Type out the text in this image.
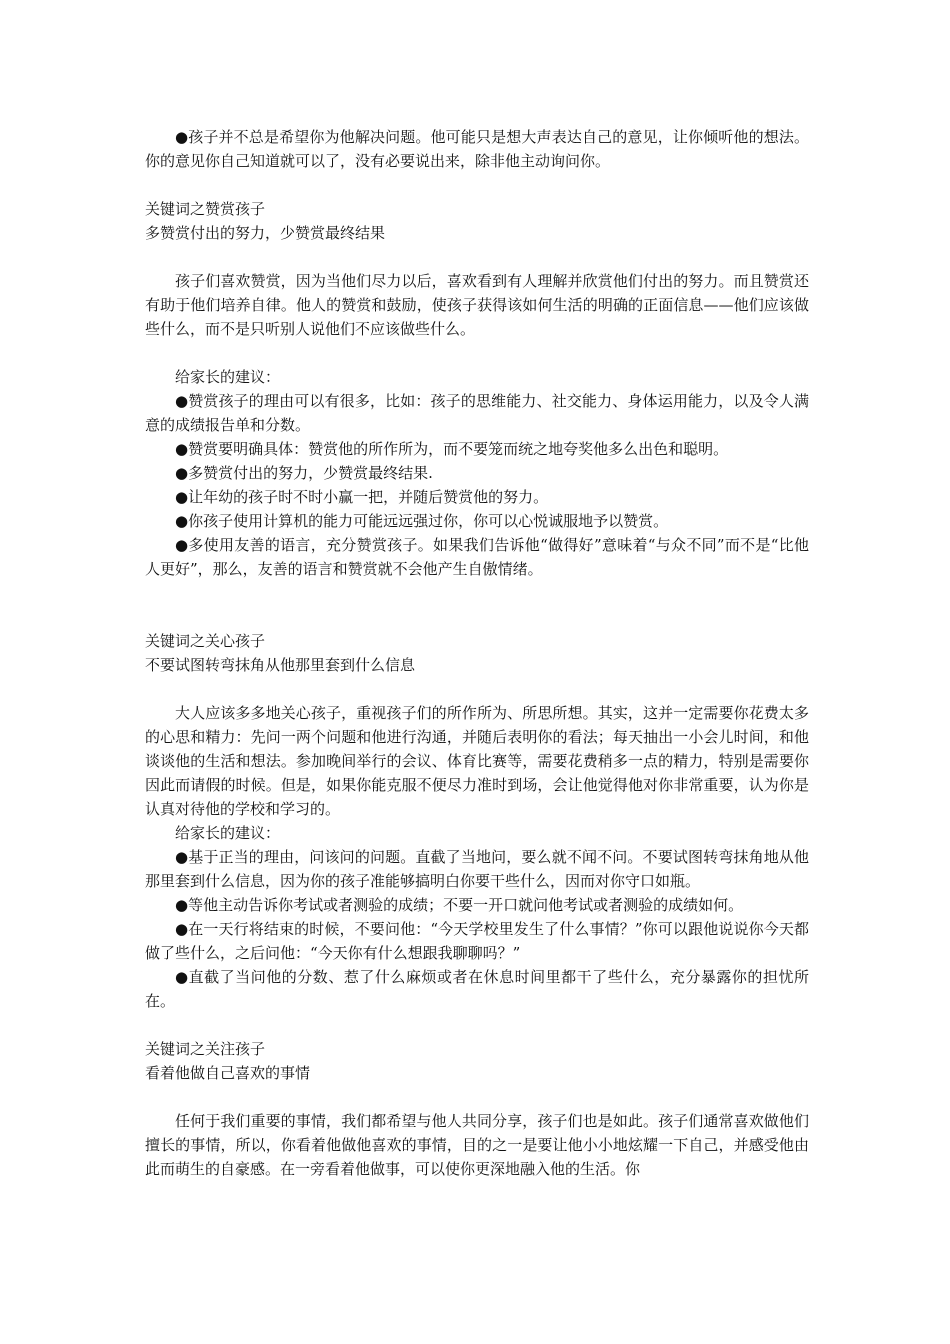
●孩子并不总是希望你为他解决问题。他可能只是想大声表达自己的意见，让你倾听他的想法。你的意见你自己知道就可以了，没有必要说出来，除非他主动询问你。

关键词之赞赏孩子

多赞赏付出的努力，少赞赏最终结果

孩子们喜欢赞赏，因为当他们尽力以后，喜欢看到有人理解并欣赏他们付出的努力。而且赞赏还有助于他们培养自律。他人的赞赏和鼓励，使孩子获得该如何生活的明确的正面信息——他们应该做些什么，而不是只听别人说他们不应该做些什么。

给家长的建议：

●赞赏孩子的理由可以有很多，比如：孩子的思维能力、社交能力、身体运用能力，以及令人满意的成绩报告单和分数。

●赞赏要明确具体：赞赏他的所作所为，而不要笼而统之地夸奖他多么出色和聪明。

●多赞赏付出的努力，少赞赏最终结果.

●让年幼的孩子时不时小赢一把，并随后赞赏他的努力。

●你孩子使用计算机的能力可能远远强过你，你可以心悦诚服地予以赞赏。

●多使用友善的语言，充分赞赏孩子。如果我们告诉他“做得好”意味着“与众不同”而不是“比他人更好”，那么，友善的语言和赞赏就不会他产生自傲情绪。

关键词之关心孩子

不要试图转弯抹角从他那里套到什么信息

大人应该多多地关心孩子，重视孩子们的所作所为、所思所想。其实，这并一定需要你花费太多的心思和精力：先问一两个问题和他进行沟通，并随后表明你的看法；每天抽出一小会儿时间，和他谈谈他的生活和想法。参加晚间举行的会议、体育比赛等，需要花费稍多一点的精力，特别是需要你因此而请假的时候。但是，如果你能克服不便尽力准时到场，会让他觉得他对你非常重要，认为你是认真对待他的学校和学习的。

给家长的建议：

●基于正当的理由，问该问的问题。直截了当地问，要么就不闻不问。不要试图转弯抹角地从他那里套到什么信息，因为你的孩子准能够搞明白你要干些什么，因而对你守口如瓶。

●等他主动告诉你考试或者测验的成绩；不要一开口就问他考试或者测验的成绩如何。

●在一天行将结束的时候，不要问他：“今天学校里发生了什么事情？”你可以跟他说说你今天都做了些什么，之后问他：“今天你有什么想跟我聊聊吗？”

●直截了当问他的分数、惹了什么麻烦或者在休息时间里都干了些什么，充分暴露你的担忧所在。

关键词之关注孩子

看着他做自己喜欢的事情

任何于我们重要的事情，我们都希望与他人共同分享，孩子们也是如此。孩子们通常喜欢做他们擅长的事情，所以，你看着他做他喜欢的事情，目的之一是要让他小小地炫耀一下自己，并感受他由此而萌生的自豪感。在一旁看着他做事，可以使你更深地融入他的生活。你
